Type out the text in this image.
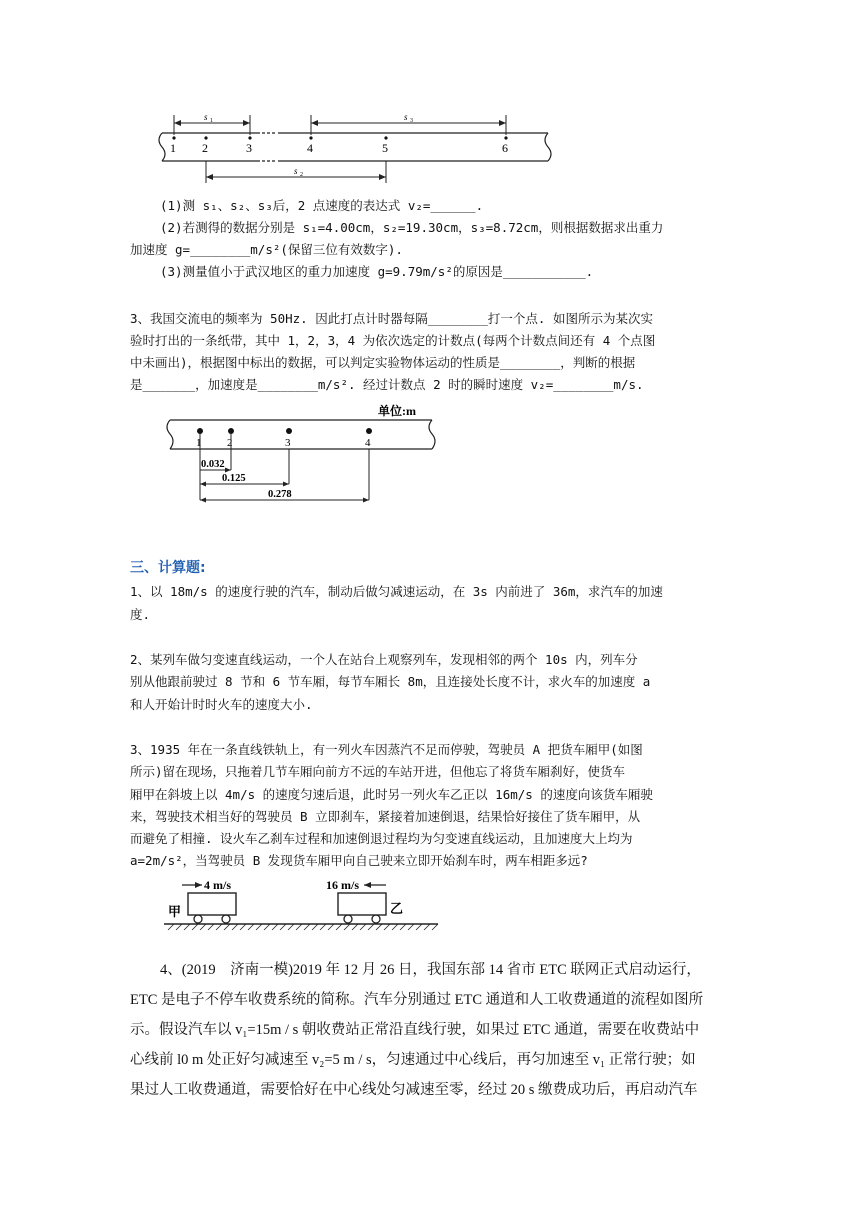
s 1	s 3
1 2	3	4	5	6
s 2
(1)测 s₁、s₂、s₃后，2 点速度的表达式 v₂=______.
(2)若测得的数据分别是 s₁=4.00cm，s₂=19.30cm，s₃=8.72cm，则根据数据求出重力
加速度 g=________m/s²(保留三位有效数字).
(3)测量值小于武汉地区的重力加速度 g=9.79m/s²的原因是___________.
3、我国交流电的频率为 50Hz. 因此打点计时器每隔________打一个点. 如图所示为某次实
验时打出的一条纸带，其中 1，2，3，4 为依次选定的计数点(每两个计数点间还有 4 个点图
中未画出)，根据图中标出的数据，可以判定实验物体运动的性质是________，判断的根据
是_______，加速度是________m/s². 经过计数点 2 时的瞬时速度 v₂=________m/s.
单位:m
1 2	3	4
0.032
0.125
0.278
三、计算题:
1、以 18m/s 的速度行驶的汽车，制动后做匀减速运动，在 3s 内前进了 36m，求汽车的加速
度.
2、某列车做匀变速直线运动，一个人在站台上观察列车，发现相邻的两个 10s 内，列车分
别从他跟前驶过 8 节和 6 节车厢，每节车厢长 8m，且连接处长度不计，求火车的加速度 a
和人开始计时时火车的速度大小.
3、1935 年在一条直线铁轨上，有一列火车因蒸汽不足而停驶，驾驶员 A 把货车厢甲(如图
所示)留在现场，只拖着几节车厢向前方不远的车站开进，但他忘了将货车厢刹好，使货车
厢甲在斜坡上以 4m/s 的速度匀速后退，此时另一列火车乙正以 16m/s 的速度向该货车厢驶
来，驾驶技术相当好的驾驶员 B 立即刹车，紧接着加速倒退，结果恰好接住了货车厢甲，从
而避免了相撞. 设火车乙刹车过程和加速倒退过程均为匀变速直线运动，且加速度大上均为
a=2m/s²，当驾驶员 B 发现货车厢甲向自己驶来立即开始刹车时，两车相距多远?
4 m/s	16 m/s
甲	乙
4、(2019　济南一模)2019 年 12 月 26 日，我国东部 14 省市 ETC 联网正式启动运行，
ETC 是电子不停车收费系统的简称。汽车分别通过 ETC 通道和人工收费通道的流程如图所
示。假设汽车以 v₁=15m / s 朝收费站正常沿直线行驶，如果过 ETC 通道，需要在收费站中
心线前 l0 m 处正好匀减速至 v₂=5 m / s，匀速通过中心线后，再匀加速至 v₁ 正常行驶；如
果过人工收费通道，需要恰好在中心线处匀减速至零，经过 20 s 缴费成功后，再启动汽车
